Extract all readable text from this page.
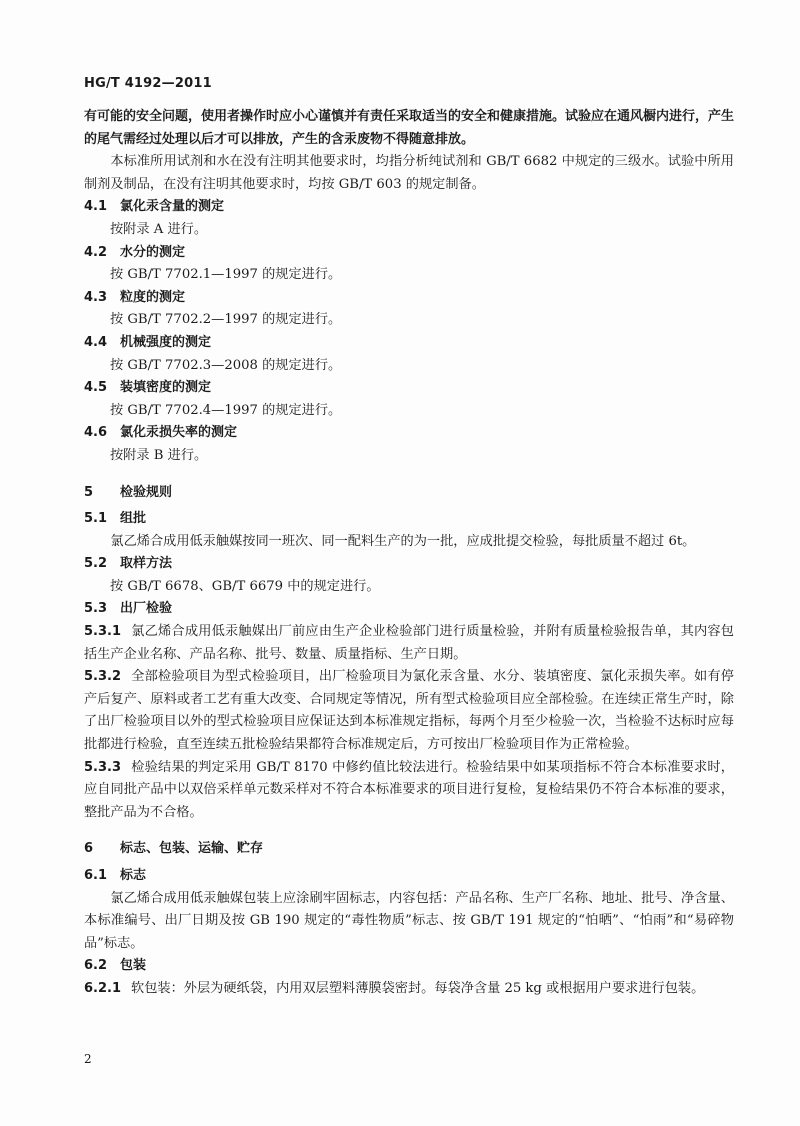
HG/T 4192—2011

有可能的安全问题，使用者操作时应小心谨慎并有责任采取适当的安全和健康措施。试验应在通风橱内进行，产生的尾气需经过处理以后才可以排放，产生的含汞废物不得随意排放。

本标准所用试剂和水在没有注明其他要求时，均指分析纯试剂和 GB/T 6682 中规定的三级水。试验中所用制剂及制品，在没有注明其他要求时，均按 GB/T 603 的规定制备。

4.1 氯化汞含量的测定

按附录 A 进行。

4.2 水分的测定

按 GB/T 7702.1—1997 的规定进行。

4.3 粒度的测定

按 GB/T 7702.2—1997 的规定进行。

4.4 机械强度的测定

按 GB/T 7702.3—2008 的规定进行。

4.5 装填密度的测定

按 GB/T 7702.4—1997 的规定进行。

4.6 氯化汞损失率的测定

按附录 B 进行。

5 检验规则

5.1 组批

氯乙烯合成用低汞触媒按同一班次、同一配料生产的为一批，应成批提交检验，每批质量不超过 6t。

5.2 取样方法

按 GB/T 6678、GB/T 6679 中的规定进行。

5.3 出厂检验

5.3.1 氯乙烯合成用低汞触媒出厂前应由生产企业检验部门进行质量检验，并附有质量检验报告单，其内容包括生产企业名称、产品名称、批号、数量、质量指标、生产日期。

5.3.2 全部检验项目为型式检验项目，出厂检验项目为氯化汞含量、水分、装填密度、氯化汞损失率。如有停产后复产、原料或者工艺有重大改变、合同规定等情况，所有型式检验项目应全部检验。在连续正常生产时，除了出厂检验项目以外的型式检验项目应保证达到本标准规定指标，每两个月至少检验一次，当检验不达标时应每批都进行检验，直至连续五批检验结果都符合标准规定后，方可按出厂检验项目作为正常检验。

5.3.3 检验结果的判定采用 GB/T 8170 中修约值比较法进行。检验结果中如某项指标不符合本标准要求时，应自同批产品中以双倍采样单元数采样对不符合本标准要求的项目进行复检，复检结果仍不符合本标准的要求，整批产品为不合格。

6 标志、包装、运输、贮存

6.1 标志

氯乙烯合成用低汞触媒包装上应涂刷牢固标志，内容包括：产品名称、生产厂名称、地址、批号、净含量、本标准编号、出厂日期及按 GB 190 规定的“毒性物质”标志、按 GB/T 191 规定的“怕晒”、“怕雨”和“易碎物品”标志。

6.2 包装

6.2.1 软包装：外层为硬纸袋，内用双层塑料薄膜袋密封。每袋净含量 25 kg 或根据用户要求进行包装。

2
